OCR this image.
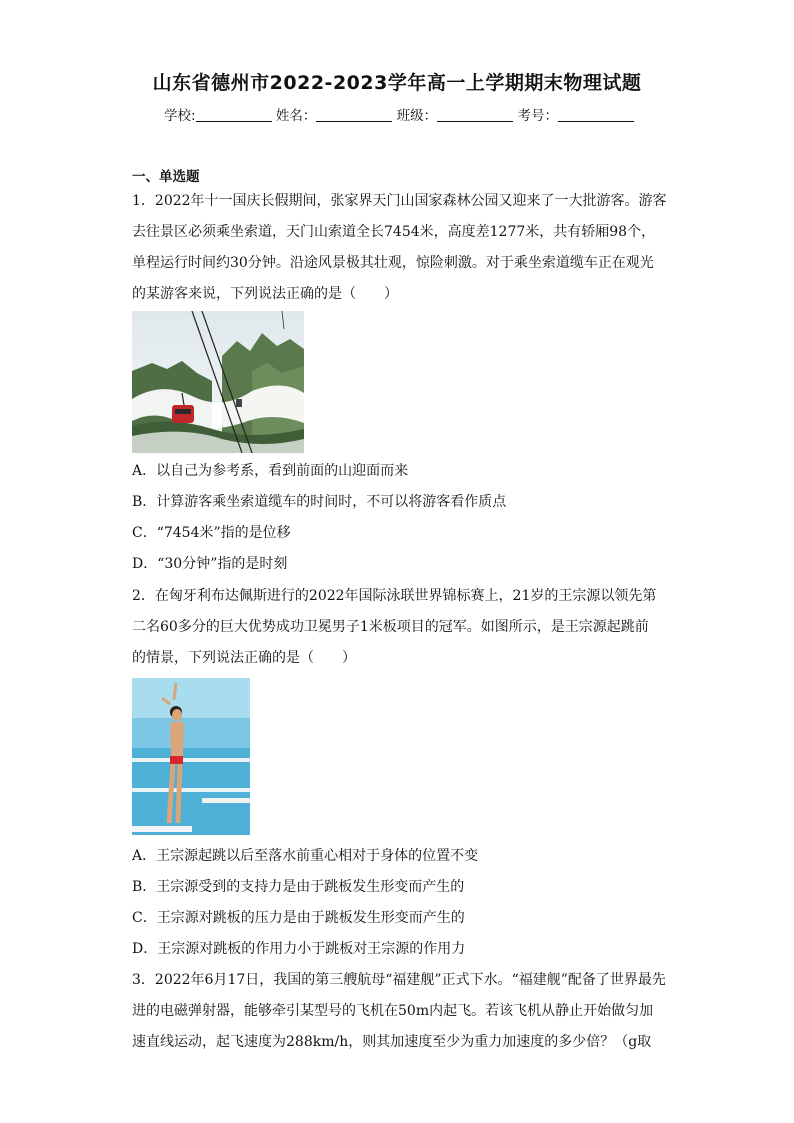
山东省德州市2022-2023学年高一上学期期末物理试题
学校:	姓名：	班级：	考号：
一、单选题
1．2022年十一国庆长假期间，张家界天门山国家森林公园又迎来了一大批游客。游客
去往景区必须乘坐索道，天门山索道全长7454米，高度差1277米，共有轿厢98个，
单程运行时间约30分钟。沿途风景极其壮观，惊险刺激。对于乘坐索道缆车正在观光
的某游客来说，下列说法正确的是（　　）
A．以自己为参考系，看到前面的山迎面而来
B．计算游客乘坐索道缆车的时间时，不可以将游客看作质点
C．“7454米”指的是位移
D．“30分钟”指的是时刻
2．在匈牙利布达佩斯进行的2022年国际泳联世界锦标赛上，21岁的王宗源以领先第
二名60多分的巨大优势成功卫冕男子1米板项目的冠军。如图所示，是王宗源起跳前
的情景，下列说法正确的是（　　）
A．王宗源起跳以后至落水前重心相对于身体的位置不变
B．王宗源受到的支持力是由于跳板发生形变而产生的
C．王宗源对跳板的压力是由于跳板发生形变而产生的
D．王宗源对跳板的作用力小于跳板对王宗源的作用力
3．2022年6月17日，我国的第三艘航母“福建舰”正式下水。“福建舰”配备了世界最先
进的电磁弹射器，能够牵引某型号的飞机在50m内起飞。若该飞机从静止开始做匀加
速直线运动，起飞速度为288km/h，则其加速度至少为重力加速度的多少倍？（g取
